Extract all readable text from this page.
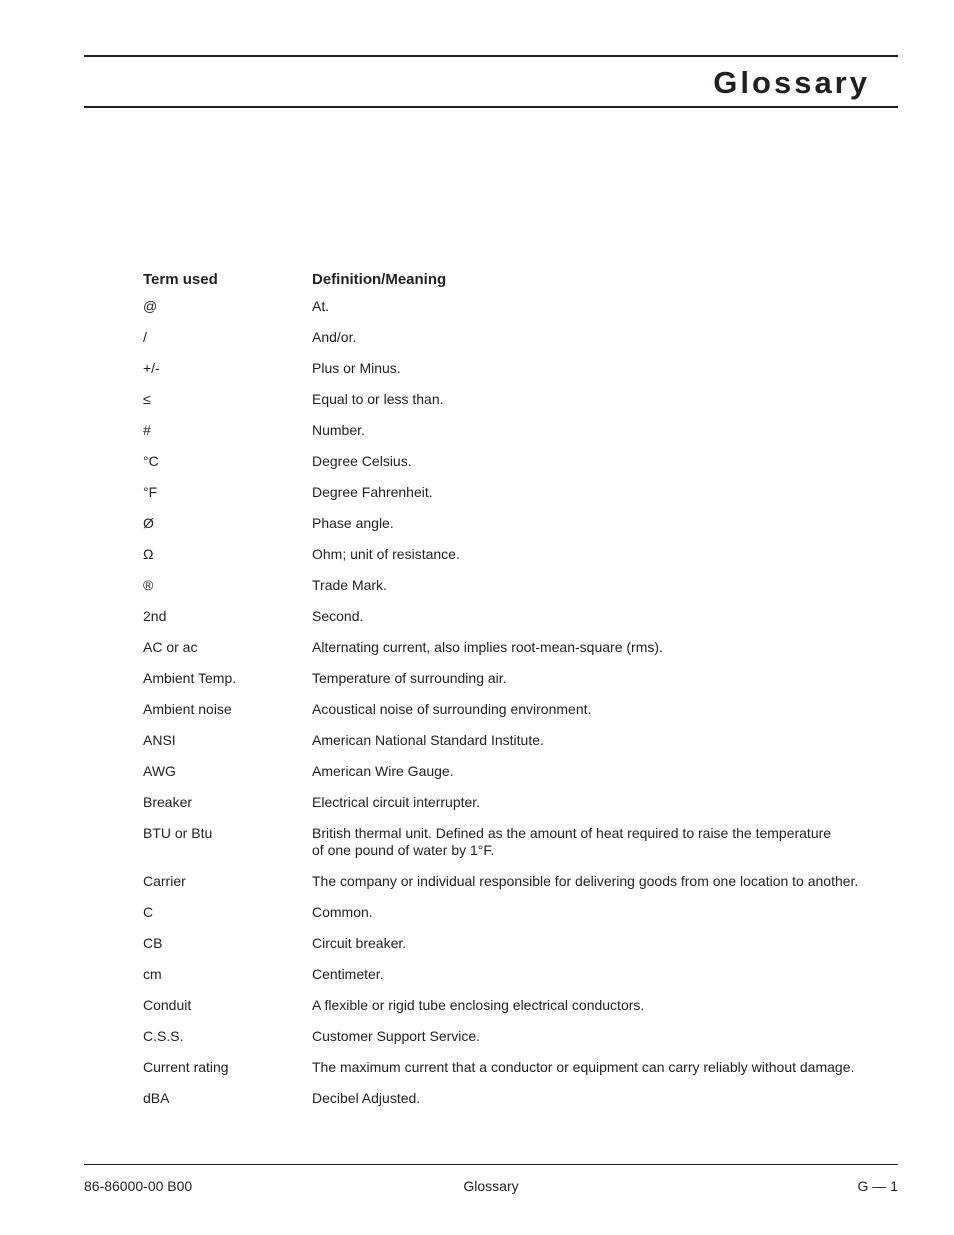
Glossary
Term used	Definition/Meaning
@	At.
/	And/or.
+/-	Plus or Minus.
≤	Equal to or less than.
#	Number.
°C	Degree Celsius.
°F	Degree Fahrenheit.
Ø	Phase angle.
Ω	Ohm; unit of resistance.
®	Trade Mark.
2nd	Second.
AC or ac	Alternating current, also implies root-mean-square (rms).
Ambient Temp.	Temperature of surrounding air.
Ambient noise	Acoustical noise of surrounding environment.
ANSI	American National Standard Institute.
AWG	American Wire Gauge.
Breaker	Electrical circuit interrupter.
BTU or Btu	British thermal unit. Defined as the amount of heat required to raise the temperature
of one pound of water by 1°F.
Carrier	The company or individual responsible for delivering goods from one location to another.
C	Common.
CB	Circuit breaker.
cm	Centimeter.
Conduit	A flexible or rigid tube enclosing electrical conductors.
C.S.S.	Customer Support Service.
Current rating	The maximum current that a conductor or equipment can carry reliably without damage.
dBA	Decibel Adjusted.
86-86000-00 B00	Glossary	G — 1
